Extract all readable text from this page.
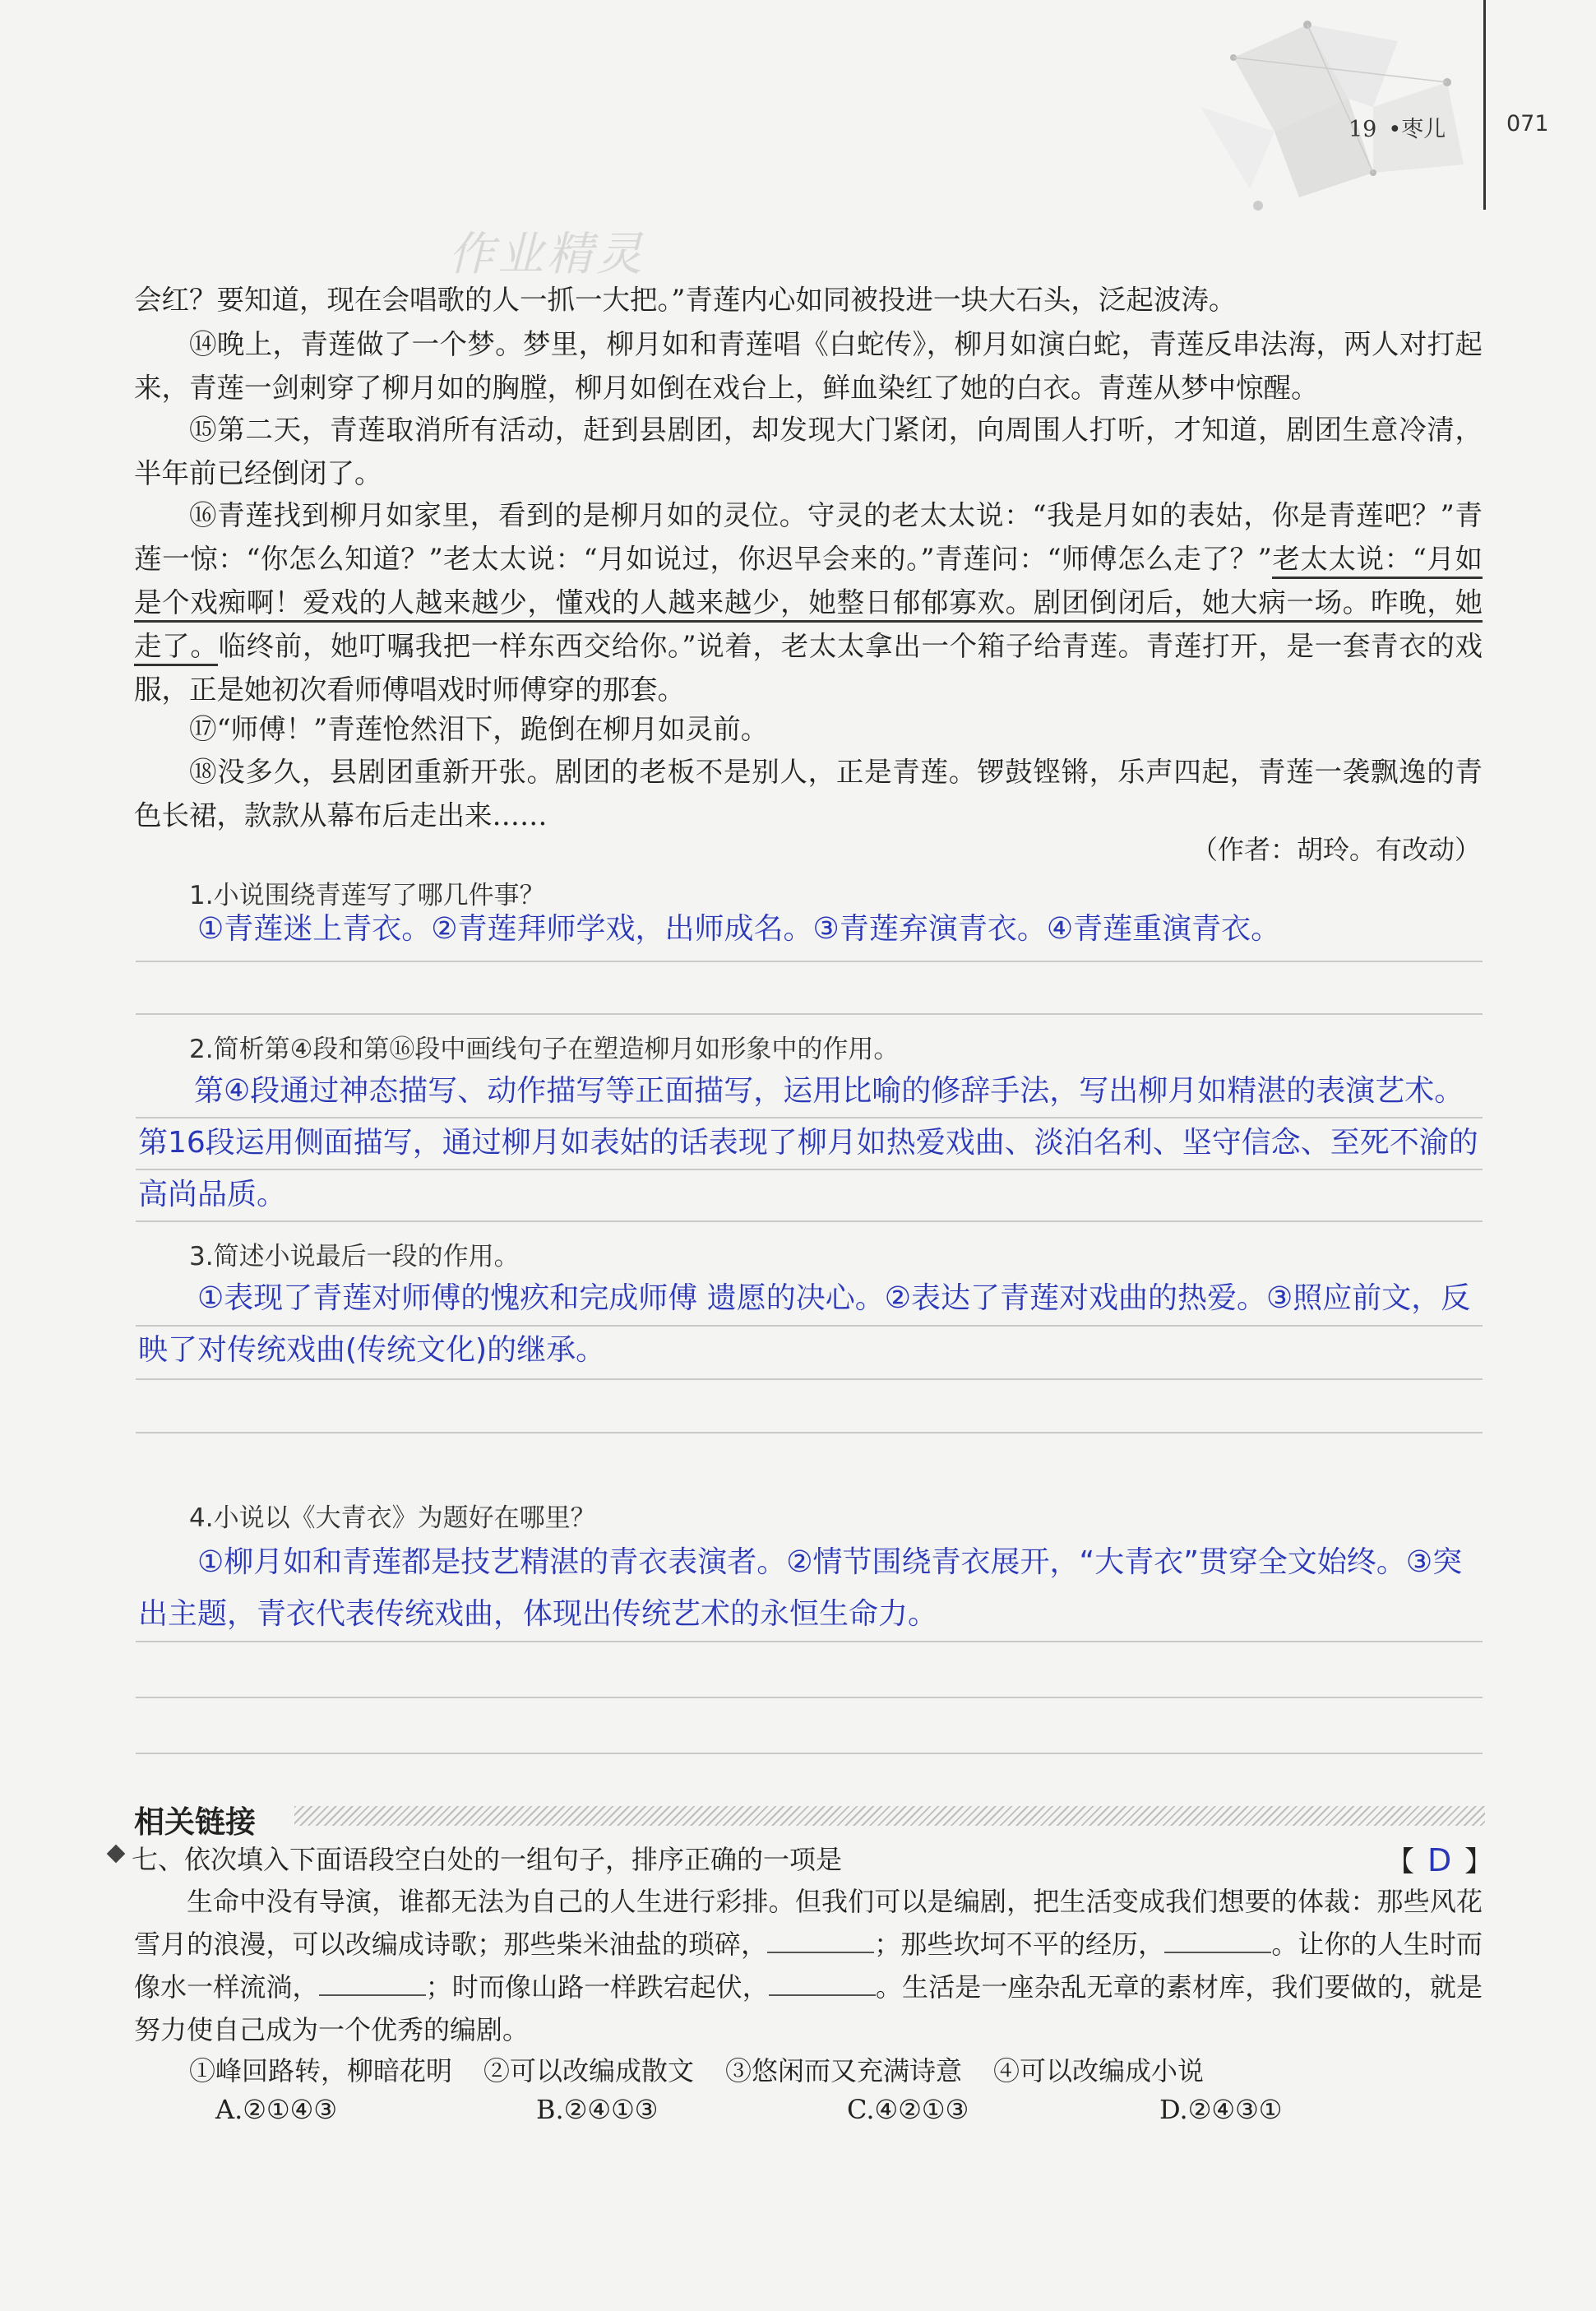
19 •枣儿	071
作业精灵
会红？要知道，现在会唱歌的人一抓一大把。”青莲内心如同被投进一块大石头，泛起波涛。
⑭晚上，青莲做了一个梦。梦里，柳月如和青莲唱《白蛇传》，柳月如演白蛇，青莲反串法海，两人对打起来，青莲一剑刺穿了柳月如的胸膛，柳月如倒在戏台上，鲜血染红了她的白衣。青莲从梦中惊醒。
⑮第二天，青莲取消所有活动，赶到县剧团，却发现大门紧闭，向周围人打听，才知道，剧团生意冷清，半年前已经倒闭了。
⑯青莲找到柳月如家里，看到的是柳月如的灵位。守灵的老太太说：“我是月如的表姑，你是青莲吧？”青莲一惊：“你怎么知道？”老太太说：“月如说过，你迟早会来的。”青莲问：“师傅怎么走了？”老太太说：“月如是个戏痴啊！爱戏的人越来越少，懂戏的人越来越少，她整日郁郁寡欢。剧团倒闭后，她大病一场。昨晚，她走了。临终前，她叮嘱我把一样东西交给你。”说着，老太太拿出一个箱子给青莲。青莲打开，是一套青衣的戏服，正是她初次看师傅唱戏时师傅穿的那套。
⑰“师傅！”青莲怆然泪下，跪倒在柳月如灵前。
⑱没多久，县剧团重新开张。剧团的老板不是别人，正是青莲。锣鼓铿锵，乐声四起，青莲一袭飘逸的青色长裙，款款从幕布后走出来……
（作者：胡玲。有改动）
1.小说围绕青莲写了哪几件事？
①青莲迷上青衣。②青莲拜师学戏，出师成名。③青莲弃演青衣。④青莲重演青衣。
2.简析第④段和第⑯段中画线句子在塑造柳月如形象中的作用。
第④段通过神态描写、动作描写等正面描写，运用比喻的修辞手法，写出柳月如精湛的表演艺术。第16段运用侧面描写，通过柳月如表姑的话表现了柳月如热爱戏曲、淡泊名利、坚守信念、至死不渝的高尚品质。
3.简述小说最后一段的作用。
①表现了青莲对师傅的愧疚和完成师傅 遗愿的决心。②表达了青莲对戏曲的热爱。③照应前文，反映了对传统戏曲(传统文化)的继承。
4.小说以《大青衣》为题好在哪里？
①柳月如和青莲都是技艺精湛的青衣表演者。②情节围绕青衣展开，“大青衣”贯穿全文始终。③突出主题，青衣代表传统戏曲，体现出传统艺术的永恒生命力。
相关链接
七、依次填入下面语段空白处的一组句子，排序正确的一项是	【 D 】
生命中没有导演，谁都无法为自己的人生进行彩排。但我们可以是编剧，把生活变成我们想要的体裁：那些风花雪月的浪漫，可以改编成诗歌；那些柴米油盐的琐碎，	；那些坎坷不平的经历，	。让你的人生时而像水一样流淌，	；时而像山路一样跌宕起伏，	。生活是一座杂乱无章的素材库，我们要做的，就是努力使自己成为一个优秀的编剧。
①峰回路转，柳暗花明 ②可以改编成散文 ③悠闲而又充满诗意 ④可以改编成小说
A.②①④③	B.②④①③	C.④②①③	D.②④③①
